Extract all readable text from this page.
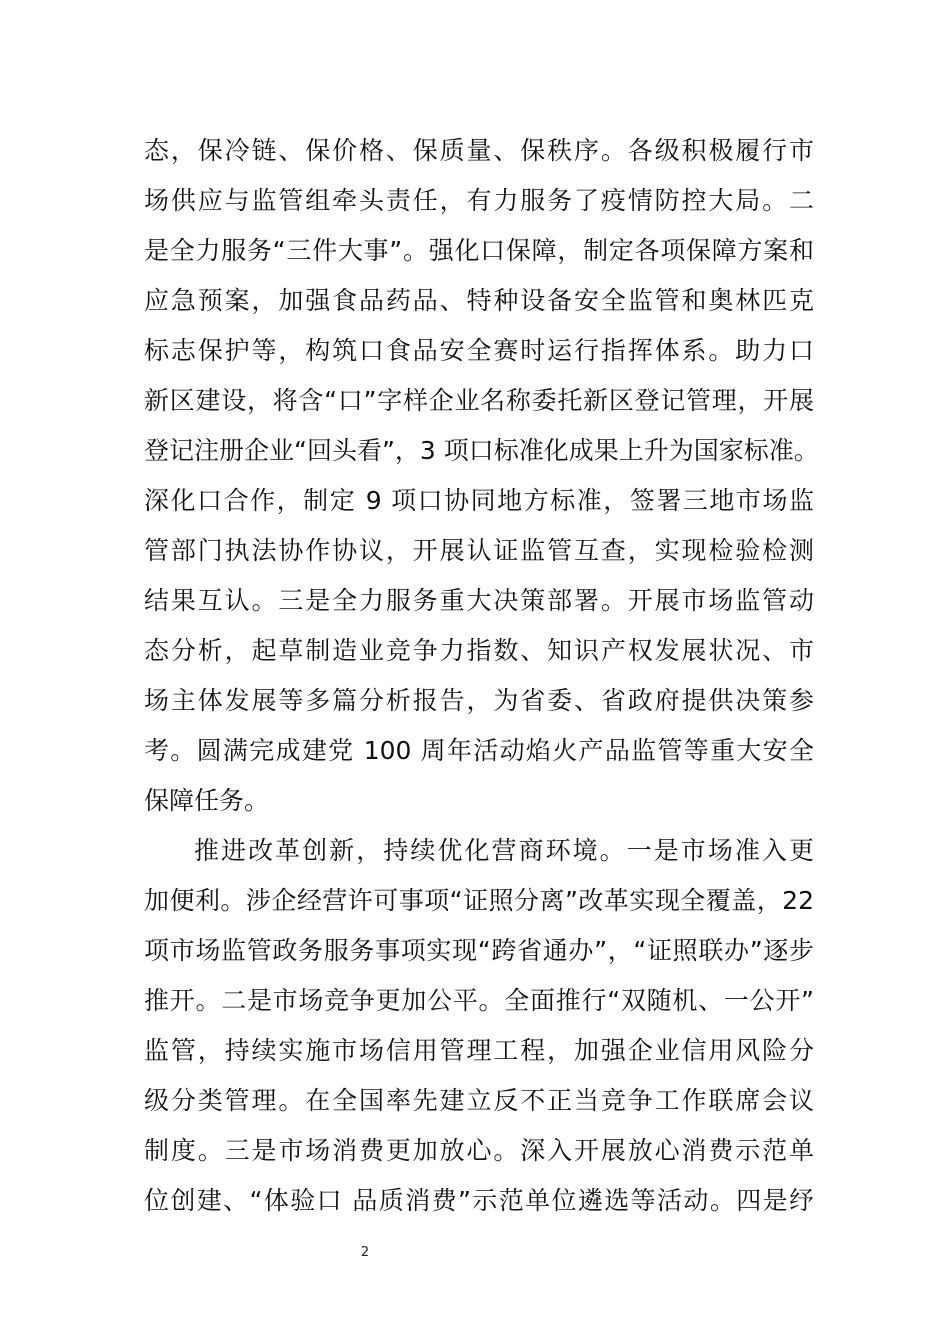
态，保冷链、保价格、保质量、保秩序。各级积极履行市
场供应与监管组牵头责任，有力服务了疫情防控大局。二
是全力服务“三件大事”。强化口保障，制定各项保障方案和
应急预案，加强食品药品、特种设备安全监管和奥林匹克
标志保护等，构筑口食品安全赛时运行指挥体系。助力口
新区建设，将含“口”字样企业名称委托新区登记管理，开展
登记注册企业“回头看”，3 项口标准化成果上升为国家标准。
深化口合作，制定 9 项口协同地方标准，签署三地市场监
管部门执法协作协议，开展认证监管互查，实现检验检测
结果互认。三是全力服务重大决策部署。开展市场监管动
态分析，起草制造业竞争力指数、知识产权发展状况、市
场主体发展等多篇分析报告，为省委、省政府提供决策参
考。圆满完成建党 100 周年活动焰火产品监管等重大安全
保障任务。
推进改革创新，持续优化营商环境。一是市场准入更
加便利。涉企经营许可事项“证照分离”改革实现全覆盖，22
项市场监管政务服务事项实现“跨省通办”，“证照联办”逐步
推开。二是市场竞争更加公平。全面推行“双随机、一公开”
监管，持续实施市场信用管理工程，加强企业信用风险分
级分类管理。在全国率先建立反不正当竞争工作联席会议
制度。三是市场消费更加放心。深入开展放心消费示范单
位创建、“体验口 品质消费”示范单位遴选等活动。四是纾
2
